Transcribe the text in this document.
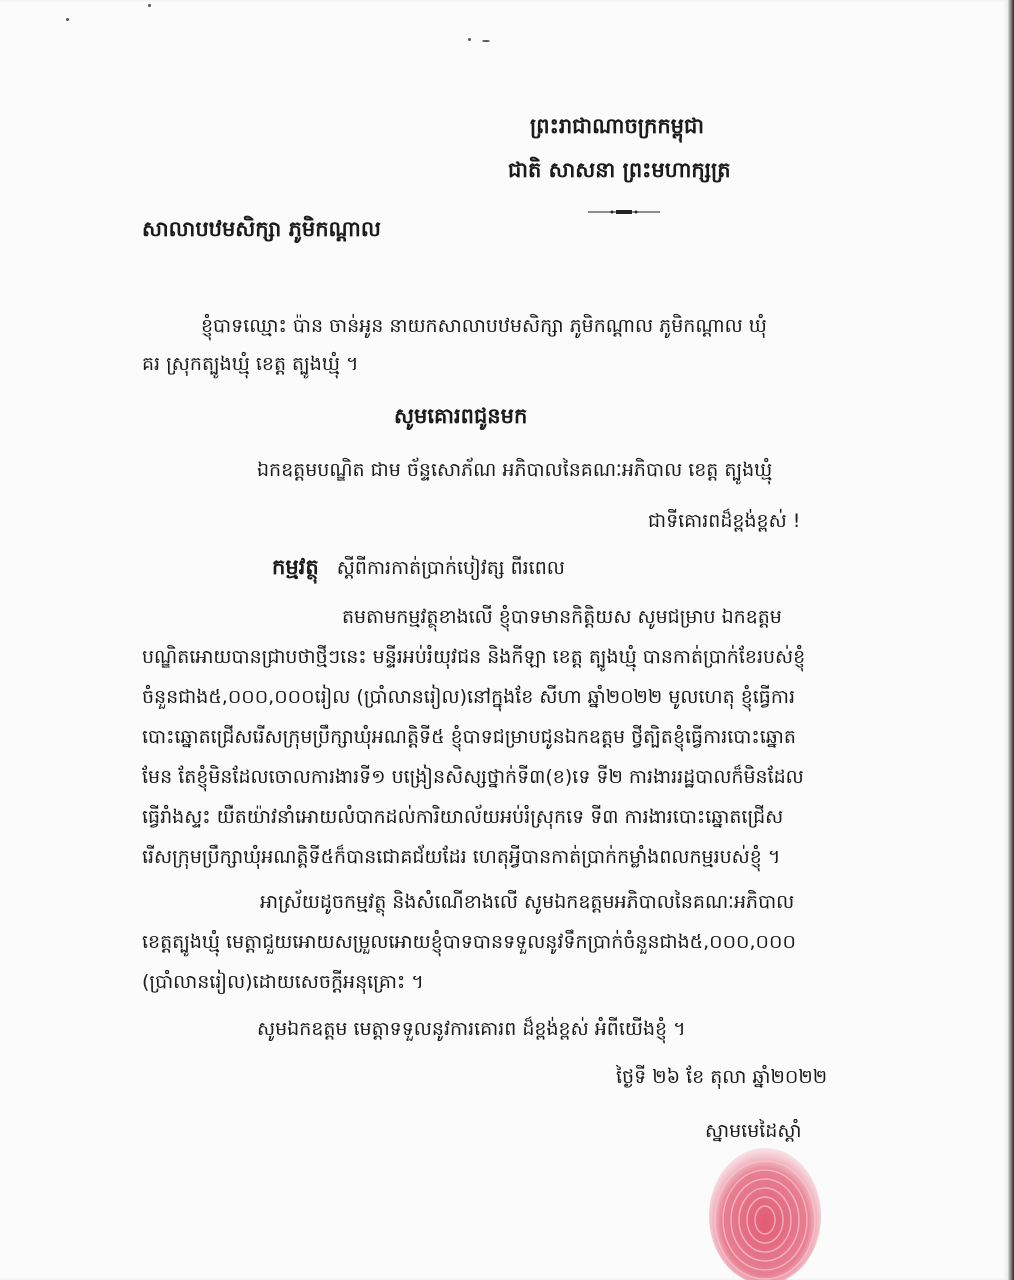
ព្រះរាជាណាចក្រកម្ពុជា
ជាតិ សាសនា ព្រះមហាក្សត្រ
សាលាបឋមសិក្សា ភូមិកណ្តាល
ខ្ញុំបាទឈ្មោះ ប៉ាន ចាន់អូន នាយកសាលាបឋមសិក្សា ភូមិកណ្តាល ភូមិកណ្តាល ឃុំ
គរ ស្រុកត្បូងឃ្មុំ ខេត្ត ត្បូងឃ្មុំ ។
សូមគោរពជូនមក
ឯកឧត្តមបណ្ឌិត ជាម ច័ន្ទសោភ័ណ អភិបាលនៃគណៈអភិបាល ខេត្ត ត្បូងឃ្មុំ
ជាទីគោរពដ៏ខ្ពង់ខ្ពស់ !
កម្មវត្ថុ ស្តីពីការកាត់ប្រាក់បៀវត្ស ពីរពេល
តមតាមកម្មវត្ថុខាងលើ ខ្ញុំបាទមានកិត្តិយស សូមជម្រាប ឯកឧត្តម
បណ្ឌិតអោយបានជ្រាបថាថ្មីៗនេះ មន្ទីរអប់រំយុវជន និងកីឡា ខេត្ត ត្បូងឃ្មុំ បានកាត់ប្រាក់ខែរបស់ខ្ញុំ
ចំនួនជាង៥,០០០,០០០រៀល (ប្រាំលានរៀល)នៅក្នុងខែ សីហា ឆ្នាំ២០២២ មូលហេតុ ខ្ញុំធ្វើការ
បោះឆ្នោតជ្រើសរើសក្រុមប្រឹក្សាឃុំអណត្តិទី៥ ខ្ញុំបាទជម្រាបជូនឯកឧត្តម ថ្វីត្បិតខ្ញុំធ្វើការបោះឆ្នោត
មែន តែខ្ញុំមិនដែលចោលការងារទី១ បង្រៀនសិស្សថ្នាក់ទី៣(ខ)ទេ ទី២ ការងាររដ្ឋបាលក៏មិនដែល
ធ្វើរាំងស្ទះ យឺតយ៉ាវនាំអោយលំបាកដល់ការិយាល័យអប់រំស្រុកទេ ទី៣ ការងារបោះឆ្នោតជ្រើស
រើសក្រុមប្រឹក្សាឃុំអណត្តិទី៥ក៏បានជោគជ័យដែរ ហេតុអ្វីបានកាត់ប្រាក់កម្លាំងពលកម្មរបស់ខ្ញុំ ។
អាស្រ័យដូចកម្មវត្ថុ និងសំណើខាងលើ សូមឯកឧត្តមអភិបាលនៃគណៈអភិបាល
ខេត្តត្បូងឃ្មុំ មេត្តាជួយអោយសម្រួលអោយខ្ញុំបាទបានទទួលនូវទឹកប្រាក់ចំនួនជាង៥,០០០,០០០
(ប្រាំលានរៀល)ដោយសេចក្តីអនុគ្រោះ ។
សូមឯកឧត្តម មេត្តាទទួលនូវការគោរព ដ៏ខ្ពង់ខ្ពស់ អំពីយើងខ្ញុំ ។
ថ្ងៃទី ២៦ ខែ តុលា ឆ្នាំ២០២២
ស្នាមមេដៃស្តាំ
